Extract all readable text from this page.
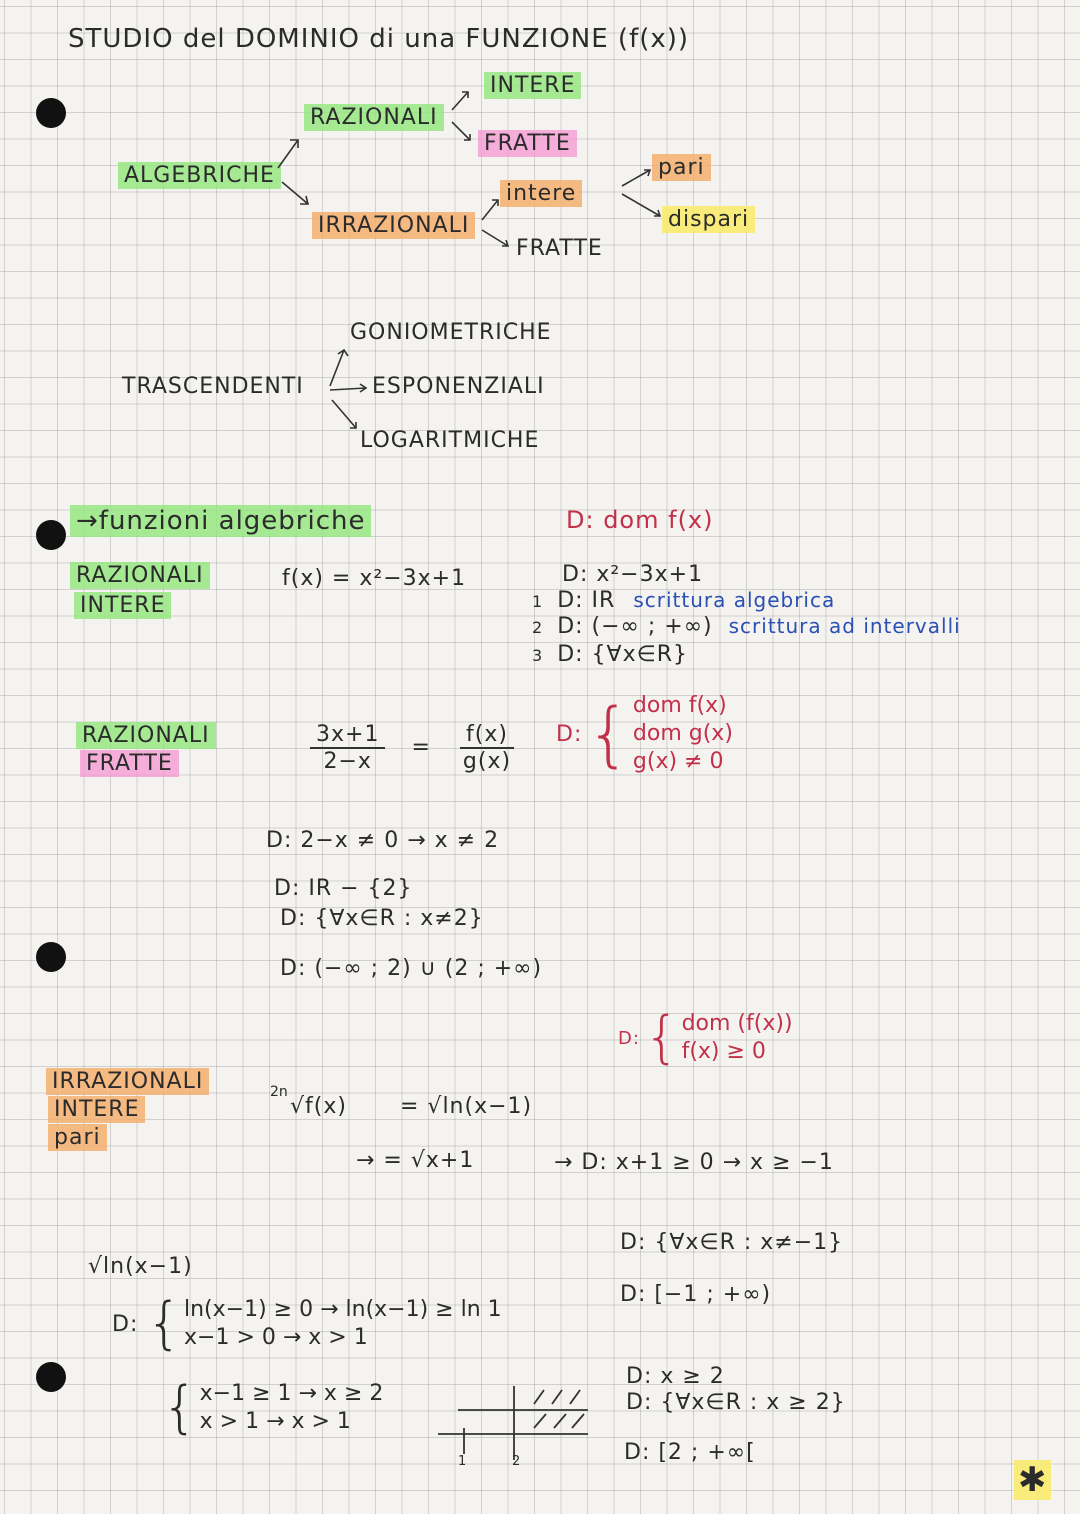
STUDIO del DOMINIO di una FUNZIONE (f(x))
ALGEBRICHE
RAZIONALI
INTERE
FRATTE
IRRAZIONALI
intere
FRATTE
pari
dispari
TRASCENDENTI
GONIOMETRICHE
ESPONENZIALI
LOGARITMICHE
→funzioni algebriche	D: dom f(x)
RAZIONALI
INTERE
f(x) = x²−3x+1	D: x²−3x+1
1 D: IR scrittura algebrica
2 D: (−∞ ; +∞) scrittura ad intervalli
3 D: {∀x∈R}
RAZIONALI
FRATTE	$\frac{3x+1}{2-x} = \frac{f(x)}{g(x)} D$: { dom f(x)
dom g(x)
g(x) ≠ 0
D: 2−x ≠ 0 → x ≠ 2
D: IR − {2}
D: {∀x∈R : x≠2}
D: (−∞ ; 2) ∪ (2 ; +∞)
D: { dom (f(x))
f(x) ≥ 0
IRRAZIONALI
INTERE
pari
2n
√f(x) = √ln(x−1)
→ = √x+1	→ D: x+1 ≥ 0 → x ≥ −1
D: {∀x∈R : x≠−1}
D: [−1 ; +∞)
√ln(x−1)
D: { ln(x−1) ≥ 0 → ln(x−1) ≥ ln 1
x−1 > 0 → x > 1
{ x−1 ≥ 1 → x ≥ 2
x > 1 → x > 1
1	2
D: x ≥ 2
D: {∀x∈R : x ≥ 2}
D: [2 ; +∞[
✱
